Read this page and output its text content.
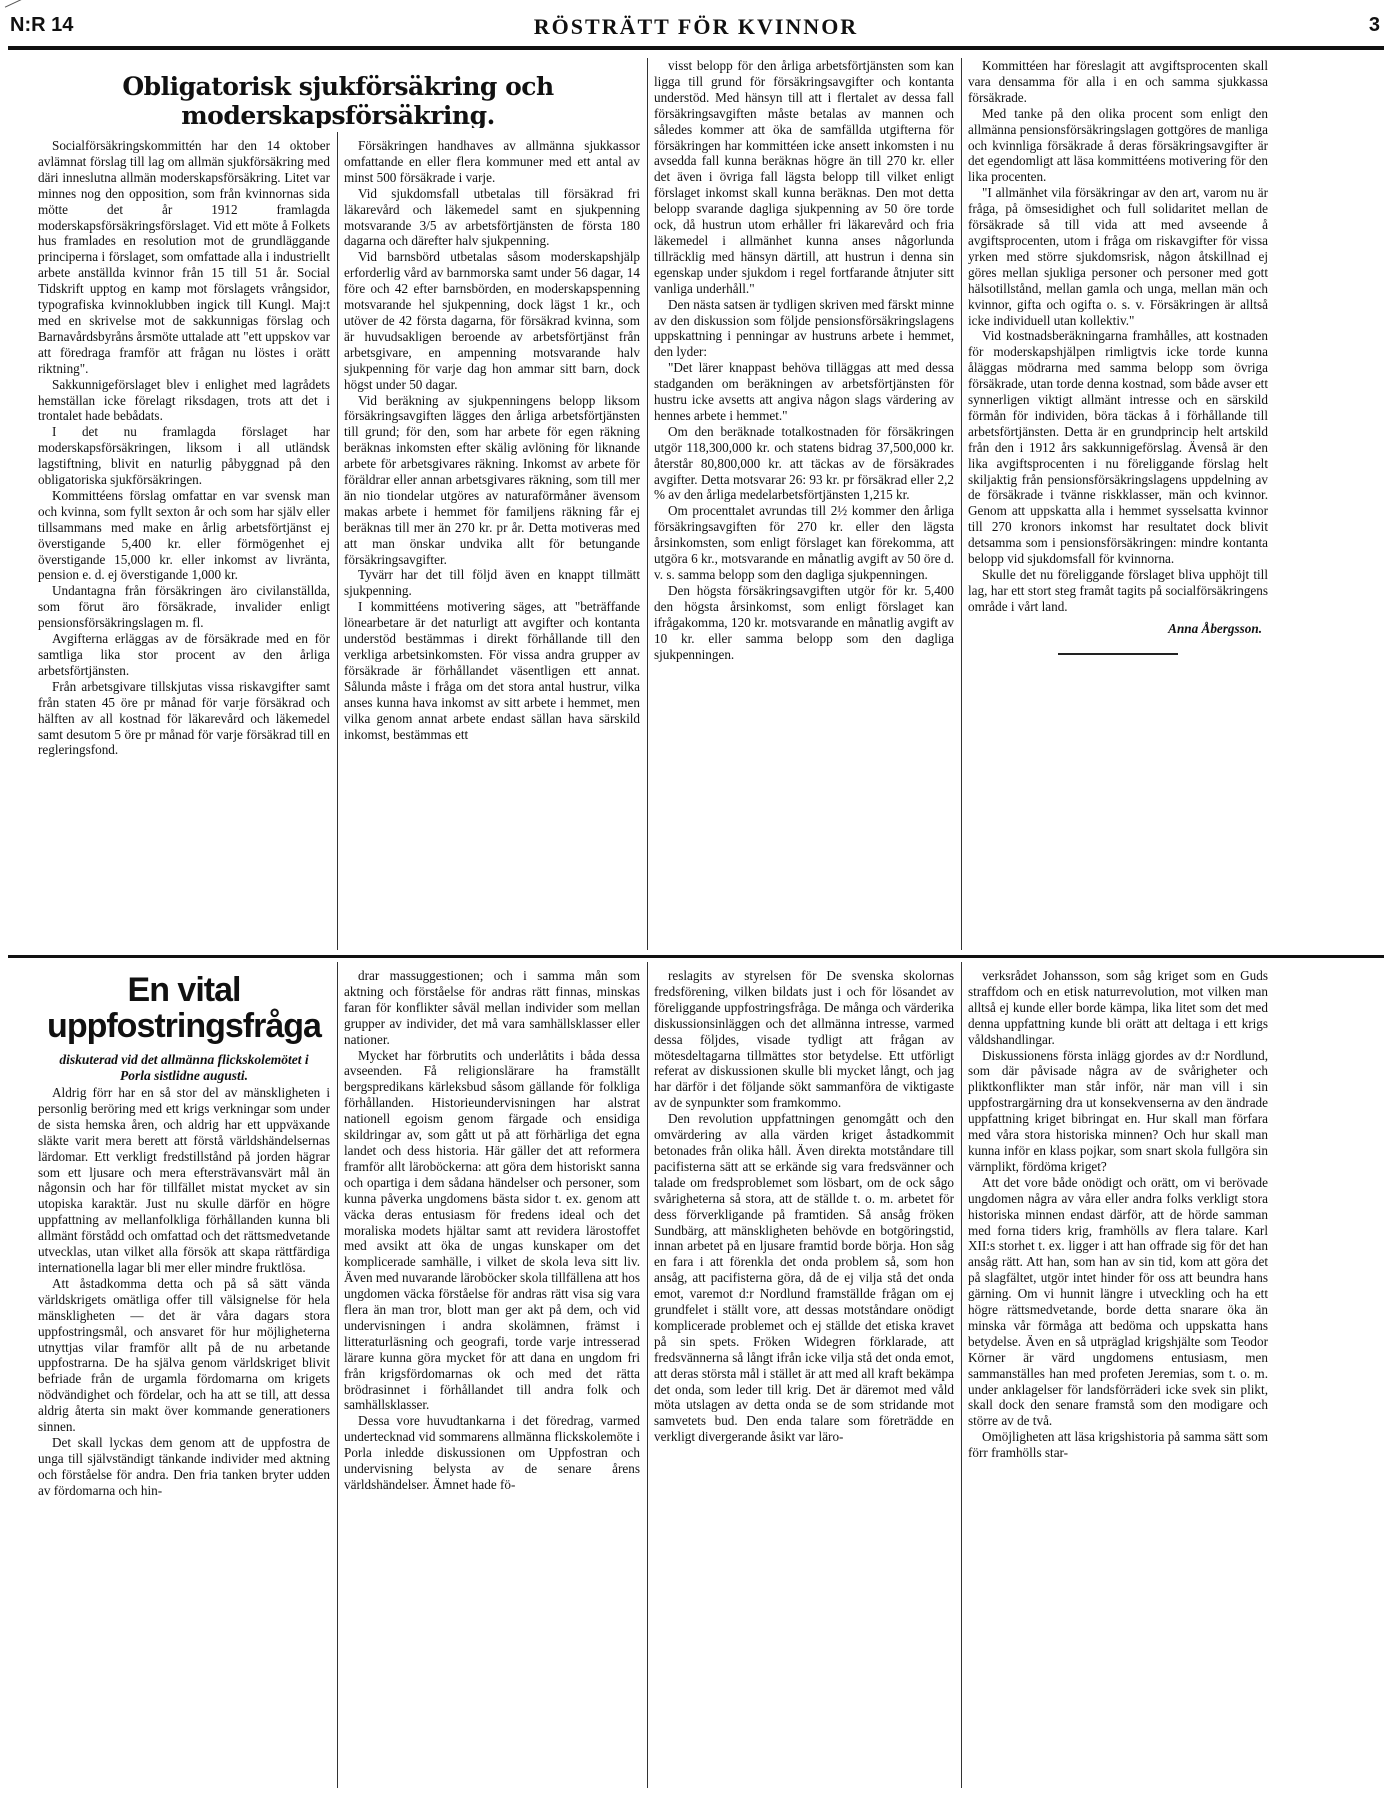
N:R 14	RÖSTRÄTT FÖR KVINNOR	3
Obligatorisk sjukförsäkring och moderskapsförsäkring.

Socialförsäkringskommittén har den 14 oktober avlämnat förslag till lag om allmän sjukförsäkring med däri inneslutna allmän moderskapsförsäkring. Litet var minnes nog den opposition, som från kvinnornas sida mötte det år 1912 framlagda moderskapsförsäkringsförslaget. Vid ett möte å Folkets hus framlades en resolution mot de grundläggande principerna i förslaget, som omfattade alla i industriellt arbete anställda kvinnor från 15 till 51 år. Social Tidskrift upptog en kamp mot förslagets vrångsidor, typografiska kvinnoklubben ingick till Kungl. Maj:t med en skrivelse mot de sakkunnigas förslag och Barnavårdsbyråns årsmöte uttalade att "ett uppskov var att föredraga framför att frågan nu löstes i orätt riktning".

Sakkunnigeförslaget blev i enlighet med lagrådets hemställan icke förelagt riksdagen, trots att det i trontalet hade bebådats.

I det nu framlagda förslaget har moderskapsförsäkringen, liksom i all utländsk lagstiftning, blivit en naturlig påbyggnad på den obligatoriska sjukförsäkringen.

Kommittéens förslag omfattar en var svensk man och kvinna, som fyllt sexton år och som har själv eller tillsammans med make en årlig arbetsförtjänst ej överstigande 5,400 kr. eller förmögenhet ej överstigande 15,000 kr. eller inkomst av livränta, pension e. d. ej överstigande 1,000 kr.

Undantagna från försäkringen äro civilanställda, som förut äro försäkrade, invalider enligt pensionsförsäkringslagen m. fl.

Avgifterna erläggas av de försäkrade med en för samtliga lika stor procent av den årliga arbetsförtjänsten.

Från arbetsgivare tillskjutas vissa riskavgifter samt från staten 45 öre pr månad för varje försäkrad och hälften av all kostnad för läkarevård och läkemedel samt desutom 5 öre pr månad för varje försäkrad till en regleringsfond.

Försäkringen handhaves av allmänna sjukkassor omfattande en eller flera kommuner med ett antal av minst 500 försäkrade i varje.

Vid sjukdomsfall utbetalas till försäkrad fri läkarevård och läkemedel samt en sjukpenning motsvarande 3/5 av arbetsförtjänsten de första 180 dagarna och därefter halv sjukpenning.

Vid barnsbörd utbetalas såsom moderskapshjälp erforderlig vård av barnmorska samt under 56 dagar, 14 före och 42 efter barnsbörden, en moderskapspenning motsvarande hel sjukpenning, dock lägst 1 kr., och utöver de 42 första dagarna, för försäkrad kvinna, som är huvudsakligen beroende av arbetsförtjänst från arbetsgivare, en ampenning motsvarande halv sjukpenning för varje dag hon ammar sitt barn, dock högst under 50 dagar.

Vid beräkning av sjukpenningens belopp liksom försäkringsavgiften lägges den årliga arbetsförtjänsten till grund; för den, som har arbete för egen räkning beräknas inkomsten efter skälig avlöning för liknande arbete för arbetsgivares räkning. Inkomst av arbete för föräldrar eller annan arbetsgivares räkning, som till mer än nio tiondelar utgöres av naturaförmåner ävensom makas arbete i hemmet för familjens räkning får ej beräknas till mer än 270 kr. pr år. Detta motiveras med att man önskar undvika allt för betungande försäkringsavgifter.

Tyvärr har det till följd även en knappt tillmätt sjukpenning.

I kommittéens motivering säges, att "beträffande lönearbetare är det naturligt att avgifter och kontanta understöd bestämmas i direkt förhållande till den verkliga arbetsinkomsten. För vissa andra grupper av försäkrade är förhållandet väsentligen ett annat. Sålunda måste i fråga om det stora antal hustrur, vilka anses kunna hava inkomst av sitt arbete i hemmet, men vilka genom annat arbete endast sällan hava särskild inkomst, bestämmas ett

visst belopp för den årliga arbetsförtjänsten som kan ligga till grund för försäkringsavgifter och kontanta understöd. Med hänsyn till att i flertalet av dessa fall försäkringsavgiften måste betalas av mannen och således kommer att öka de samfällda utgifterna för försäkringen har kommittéen icke ansett inkomsten i nu avsedda fall kunna beräknas högre än till 270 kr. eller det även i övriga fall lägsta belopp till vilket enligt förslaget inkomst skall kunna beräknas. Den mot detta belopp svarande dagliga sjukpenning av 50 öre torde ock, då hustrun utom erhåller fri läkarevård och fria läkemedel i allmänhet kunna anses någorlunda tillräcklig med hänsyn därtill, att hustrun i denna sin egenskap under sjukdom i regel fortfarande åtnjuter sitt vanliga underhåll."

Den nästa satsen är tydligen skriven med färskt minne av den diskussion som följde pensionsförsäkringslagens uppskattning i penningar av hustruns arbete i hemmet, den lyder:

"Det lärer knappast behöva tilläggas att med dessa stadganden om beräkningen av arbetsförtjänsten för hustru icke avsetts att angiva någon slags värdering av hennes arbete i hemmet."

Om den beräknade totalkostnaden för försäkringen utgör 118,300,000 kr. och statens bidrag 37,500,000 kr. återstår 80,800,000 kr. att täckas av de försäkrades avgifter. Detta motsvarar 26: 93 kr. pr försäkrad eller 2,2 % av den årliga medelarbetsförtjänsten 1,215 kr.

Om procenttalet avrundas till 2½ kommer den årliga försäkringsavgiften för 270 kr. eller den lägsta årsinkomsten, som enligt förslaget kan förekomma, att utgöra 6 kr., motsvarande en månatlig avgift av 50 öre d. v. s. samma belopp som den dagliga sjukpenningen.

Den högsta försäkringsavgiften utgör för kr. 5,400 den högsta årsinkomst, som enligt förslaget kan ifrågakomma, 120 kr. motsvarande en månatlig avgift av 10 kr. eller samma belopp som den dagliga sjukpenningen.

Kommittéen har föreslagit att avgiftsprocenten skall vara densamma för alla i en och samma sjukkassa försäkrade.

Med tanke på den olika procent som enligt den allmänna pensionsförsäkringslagen gottgöres de manliga och kvinnliga försäkrade å deras försäkringsavgifter är det egendomligt att läsa kommittéens motivering för den lika procenten.

"I allmänhet vila försäkringar av den art, varom nu är fråga, på ömsesidighet och full solidaritet mellan de försäkrade så till vida att med avseende å avgiftsprocenten, utom i fråga om riskavgifter för vissa yrken med större sjukdomsrisk, någon åtskillnad ej göres mellan sjukliga personer och personer med gott hälsotillstånd, mellan gamla och unga, mellan män och kvinnor, gifta och ogifta o. s. v. Försäkringen är alltså icke individuell utan kollektiv."

Vid kostnadsberäkningarna framhålles, att kostnaden för moderskapshjälpen rimligtvis icke torde kunna åläggas mödrarna med samma belopp som övriga försäkrade, utan torde denna kostnad, som både avser ett synnerligen viktigt allmänt intresse och en särskild förmån för individen, böra täckas å i förhållande till arbetsförtjänsten. Detta är en grundprincip helt artskild från den i 1912 års sakkunnigeförslag. Ävenså är den lika avgiftsprocenten i nu föreliggande förslag helt skiljaktig från pensionsförsäkringslagens uppdelning av de försäkrade i tvänne riskklasser, män och kvinnor. Genom att uppskatta alla i hemmet sysselsatta kvinnor till 270 kronors inkomst har resultatet dock blivit detsamma som i pensionsförsäkringen: mindre kontanta belopp vid sjukdomsfall för kvinnorna.

Skulle det nu föreliggande förslaget bliva upphöjt till lag, har ett stort steg framåt tagits på socialförsäkringens område i vårt land.

Anna Åbergsson.
En vital uppfostringsfråga
diskuterad vid det allmänna flickskolemötet i Porla sistlidne augusti.

Aldrig förr har en så stor del av mänskligheten i personlig beröring med ett krigs verkningar som under de sista hemska åren, och aldrig har ett uppväxande släkte varit mera berett att förstå världshändelsernas lärdomar. Ett verkligt fredstillstånd på jorden hägrar som ett ljusare och mera eftersträvansvärt mål än någonsin och har för tillfället mistat mycket av sin utopiska karaktär. Just nu skulle därför en högre uppfattning av mellanfolkliga förhållanden kunna bli allmänt förstådd och omfattad och det rättsmedvetande utvecklas, utan vilket alla försök att skapa rättfärdiga internationella lagar bli mer eller mindre fruktlösa.

Att åstadkomma detta och på så sätt vända världskrigets omätliga offer till välsignelse för hela mänskligheten — det är våra dagars stora uppfostringsmål, och ansvaret för hur möjligheterna utnyttjas vilar framför allt på de nu arbetande uppfostrarna. De ha själva genom världskriget blivit befriade från de urgamla fördomarna om krigets nödvändighet och fördelar, och ha att se till, att dessa aldrig återta sin makt över kommande generationers sinnen.

Det skall lyckas dem genom att de uppfostra de unga till självständigt tänkande individer med aktning och förståelse för andra. Den fria tanken bryter udden av fördomarna och hin-

drar massuggestionen; och i samma mån som aktning och förståelse för andras rätt finnas, minskas faran för konflikter såväl mellan individer som mellan grupper av individer, det må vara samhällsklasser eller nationer.

Mycket har förbrutits och underlåtits i båda dessa avseenden. Få religionslärare ha framställt bergspredikans kärleksbud såsom gällande för folkliga förhållanden. Historieundervisningen har alstrat nationell egoism genom färgade och ensidiga skildringar av, som gått ut på att förhärliga det egna landet och dess historia. Här gäller det att reformera framför allt läroböckerna: att göra dem historiskt sanna och opartiga i dem sådana händelser och personer, som kunna påverka ungdomens bästa sidor t. ex. genom att väcka deras entusiasm för fredens ideal och det moraliska modets hjältar samt att revidera lärostoffet med avsikt att öka de ungas kunskaper om det komplicerade samhälle, i vilket de skola leva sitt liv. Även med nuvarande läroböcker skola tillfällena att hos ungdomen väcka förståelse för andras rätt visa sig vara flera än man tror, blott man ger akt på dem, och vid undervisningen i andra skolämnen, främst i litteraturläsning och geografi, torde varje intresserad lärare kunna göra mycket för att dana en ungdom fri från krigsfördomarnas ok och med det rätta brödrasinnet i förhållandet till andra folk och samhällsklasser.

Dessa vore huvudtankarna i det föredrag, varmed undertecknad vid sommarens allmänna flickskolemöte i Porla inledde diskussionen om Uppfostran och undervisning belysta av de senare årens världshändelser. Ämnet hade fö-

reslagits av styrelsen för De svenska skolornas fredsförening, vilken bildats just i och för lösandet av föreliggande uppfostringsfråga. De många och värderika diskussionsinläggen och det allmänna intresse, varmed dessa följdes, visade tydligt att frågan av mötesdeltagarna tillmättes stor betydelse. Ett utförligt referat av diskussionen skulle bli mycket långt, och jag har därför i det följande sökt sammanföra de viktigaste av de synpunkter som framkommo.

Den revolution uppfattningen genomgått och den omvärdering av alla värden kriget åstadkommit betonades från olika håll. Även direkta motståndare till pacifisterna sätt att se erkände sig vara fredsvänner och talade om fredsproblemet som lösbart, om de ock sågo svårigheterna så stora, att de ställde t. o. m. arbetet för dess förverkligande på framtiden. Så ansåg fröken Sundbärg, att mänskligheten behövde en botgöringstid, innan arbetet på en ljusare framtid borde börja. Hon såg en fara i att förenkla det onda problem så, som hon ansåg, att pacifisterna göra, då de ej vilja stå det onda emot, varemot d:r Nordlund framställde frågan om ej grundfelet i ställt vore, att dessas motståndare onödigt komplicerade problemet och ej ställde det etiska kravet på sin spets. Fröken Widegren förklarade, att fredsvännerna så långt ifrån icke vilja stå det onda emot, att deras största mål i stället är att med all kraft bekämpa det onda, som leder till krig. Det är däremot med våld möta utslagen av detta onda se de som stridande mot samvetets bud. Den enda talare som företrädde en verkligt divergerande åsikt var läro-

verksrådet Johansson, som såg kriget som en Guds straffdom och en etisk naturrevolution, mot vilken man alltså ej kunde eller borde kämpa, lika litet som det med denna uppfattning kunde bli orätt att deltaga i ett krigs våldshandlingar.

Diskussionens första inlägg gjordes av d:r Nordlund, som där påvisade några av de svårigheter och pliktkonflikter man står inför, när man vill i sin uppfostrargärning dra ut konsekvenserna av den ändrade uppfattning kriget bibringat en. Hur skall man förfara med våra stora historiska minnen? Och hur skall man kunna inför en klass pojkar, som snart skola fullgöra sin värnplikt, fördöma kriget?

Att det vore både onödigt och orätt, om vi berövade ungdomen några av våra eller andra folks verkligt stora historiska minnen endast därför, att de hörde samman med forna tiders krig, framhölls av flera talare. Karl XII:s storhet t. ex. ligger i att han offrade sig för det han ansåg rätt. Att han, som han av sin tid, kom att göra det på slagfältet, utgör intet hinder för oss att beundra hans gärning. Om vi hunnit längre i utveckling och ha ett högre rättsmedvetande, borde detta snarare öka än minska vår förmåga att bedöma och uppskatta hans betydelse. Även en så utpräglad krigshjälte som Teodor Körner är värd ungdomens entusiasm, men sammanställes han med profeten Jeremias, som t. o. m. under anklagelser för landsförräderi icke svek sin plikt, skall dock den senare framstå som den modigare och större av de två.

Omöjligheten att läsa krigshistoria på samma sätt som förr framhölls star-
